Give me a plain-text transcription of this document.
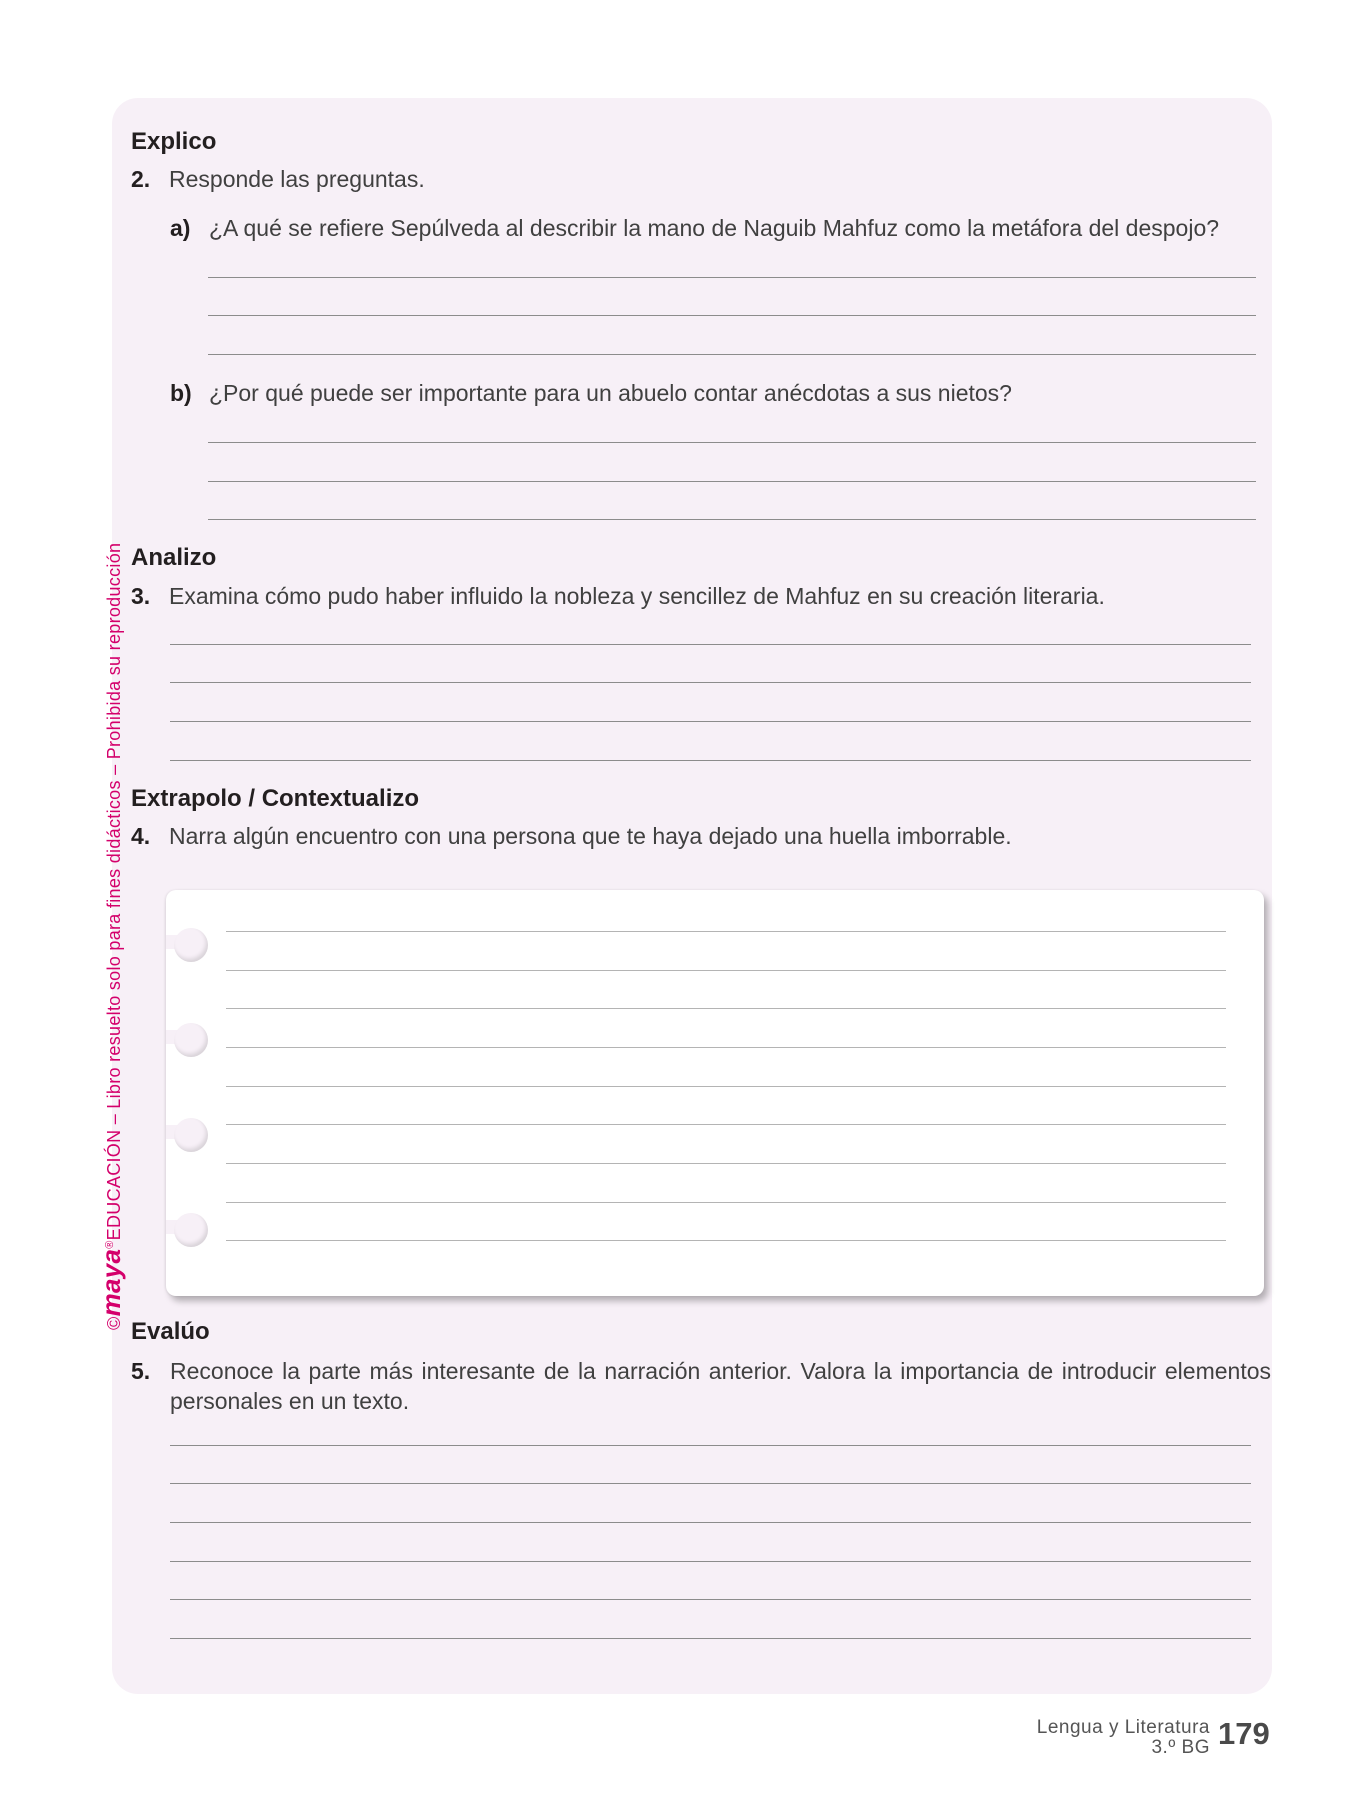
Explico
2. Responde las preguntas.
a) ¿A qué se refiere Sepúlveda al describir la mano de Naguib Mahfuz como la metáfora del despojo?
b) ¿Por qué puede ser importante para un abuelo contar anécdotas a sus nietos?
Analizo
3. Examina cómo pudo haber influido la nobleza y sencillez de Mahfuz en su creación literaria.
Extrapolo / Contextualizo
4. Narra algún encuentro con una persona que te haya dejado una huella imborrable.
Evalúo
5. Reconoce la parte más interesante de la narración anterior. Valora la importancia de introducir elementos personales en un texto.
©maya®EDUCACIÓN – Libro resuelto solo para fines didácticos – Prohibida su reproducción
Lengua y Literatura
3.º BG 179
